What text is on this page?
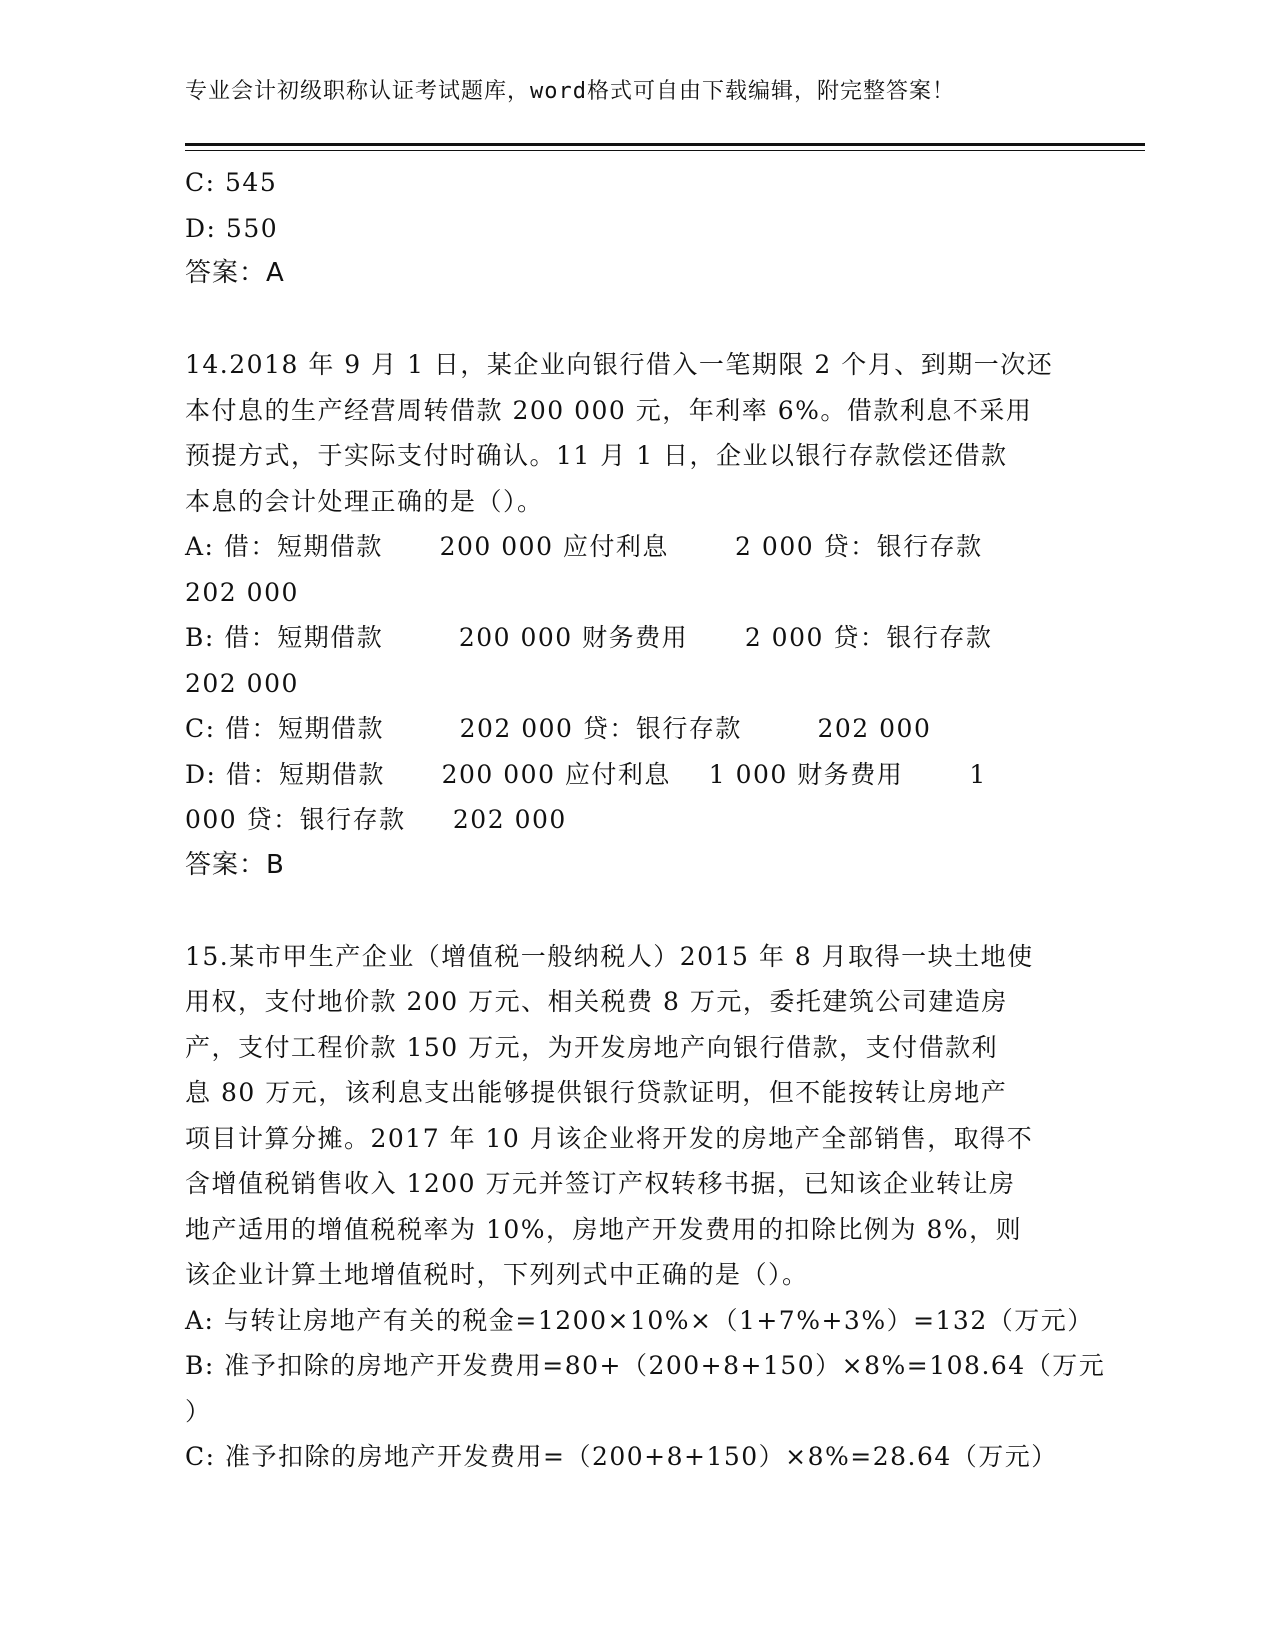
专业会计初级职称认证考试题库，word格式可自由下载编辑，附完整答案！
C: 545
D: 550
答案：A
14.2018 年 9 月 1 日，某企业向银行借入一笔期限 2 个月、到期一次还
本付息的生产经营周转借款 200 000 元，年利率 6%。借款利息不采用
预提方式，于实际支付时确认。11 月 1 日，企业以银行存款偿还借款
本息的会计处理正确的是（）。
A: 借：短期借款      200 000 应付利息       2 000 贷：银行存款
202 000
B: 借：短期借款        200 000 财务费用      2 000 贷：银行存款
202 000
C: 借：短期借款        202 000 贷：银行存款        202 000
D: 借：短期借款      200 000 应付利息    1 000 财务费用       1
000 贷：银行存款     202 000
答案：B
15.某市甲生产企业（增值税一般纳税人）2015 年 8 月取得一块土地使
用权，支付地价款 200 万元、相关税费 8 万元，委托建筑公司建造房
产，支付工程价款 150 万元，为开发房地产向银行借款，支付借款利
息 80 万元，该利息支出能够提供银行贷款证明，但不能按转让房地产
项目计算分摊。2017 年 10 月该企业将开发的房地产全部销售，取得不
含增值税销售收入 1200 万元并签订产权转移书据，已知该企业转让房
地产适用的增值税税率为 10%，房地产开发费用的扣除比例为 8%，则
该企业计算土地增值税时，下列列式中正确的是（）。
A: 与转让房地产有关的税金=1200×10%×（1+7%+3%）=132（万元）
B: 准予扣除的房地产开发费用=80+（200+8+150）×8%=108.64（万元
）
C: 准予扣除的房地产开发费用=（200+8+150）×8%=28.64（万元）
